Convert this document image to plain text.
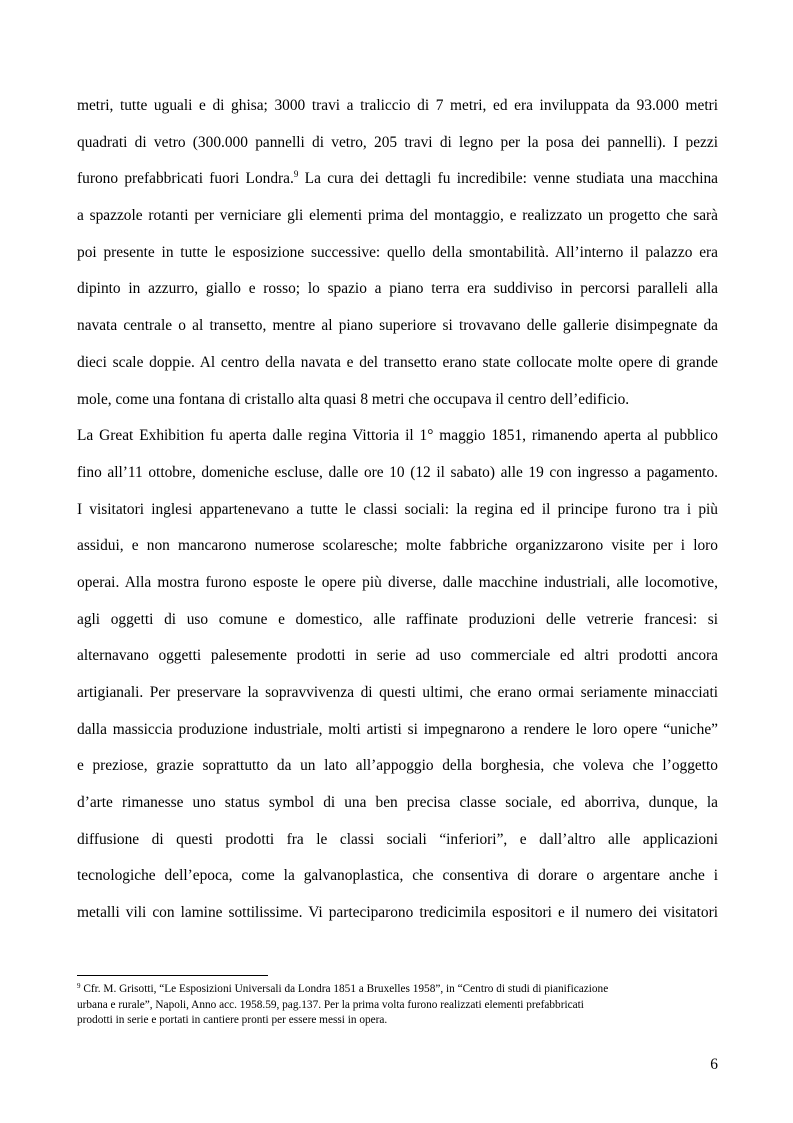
metri, tutte uguali e di ghisa; 3000 travi a traliccio di 7 metri, ed era inviluppata da 93.000 metri
quadrati di vetro (300.000 pannelli di vetro, 205 travi di legno per la posa dei pannelli). I pezzi
furono prefabbricati fuori Londra.$^9$ La cura dei dettagli fu incredibile: venne studiata una macchina
a spazzole rotanti per verniciare gli elementi prima del montaggio, e realizzato un progetto che sarà
poi presente in tutte le esposizione successive: quello della smontabilità. All’interno il palazzo era
dipinto in azzurro, giallo e rosso; lo spazio a piano terra era suddiviso in percorsi paralleli alla
navata centrale o al transetto, mentre al piano superiore si trovavano delle gallerie disimpegnate da
dieci scale doppie. Al centro della navata e del transetto erano state collocate molte opere di grande
mole, come una fontana di cristallo alta quasi 8 metri che occupava il centro dell’edificio.
La Great Exhibition fu aperta dalle regina Vittoria il 1° maggio 1851, rimanendo aperta al pubblico
fino all’11 ottobre, domeniche escluse, dalle ore 10 (12 il sabato) alle 19 con ingresso a pagamento.
I visitatori inglesi appartenevano a tutte le classi sociali: la regina ed il principe furono tra i più
assidui, e non mancarono numerose scolaresche; molte fabbriche organizzarono visite per i loro
operai. Alla mostra furono esposte le opere più diverse, dalle macchine industriali, alle locomotive,
agli oggetti di uso comune e domestico, alle raffinate produzioni delle vetrerie francesi: si
alternavano oggetti palesemente prodotti in serie ad uso commerciale ed altri prodotti ancora
artigianali. Per preservare la sopravvivenza di questi ultimi, che erano ormai seriamente minacciati
dalla massiccia produzione industriale, molti artisti si impegnarono a rendere le loro opere “uniche”
e preziose, grazie soprattutto da un lato all’appoggio della borghesia, che voleva che l’oggetto
d’arte rimanesse uno status symbol di una ben precisa classe sociale, ed aborriva, dunque, la
diffusione di questi prodotti fra le classi sociali “inferiori”, e dall’altro alle applicazioni
tecnologiche dell’epoca, come la galvanoplastica, che consentiva di dorare o argentare anche i
metalli vili con lamine sottilissime. Vi parteciparono tredicimila espositori e il numero dei visitatori
$^9$ Cfr. M. Grisotti, “Le Esposizioni Universali da Londra 1851 a Bruxelles 1958”, in “Centro di studi di pianificazione
urbana e rurale”, Napoli, Anno acc. 1958.59, pag.137. Per la prima volta furono realizzati elementi prefabbricati
prodotti in serie e portati in cantiere pronti per essere messi in opera.
6
